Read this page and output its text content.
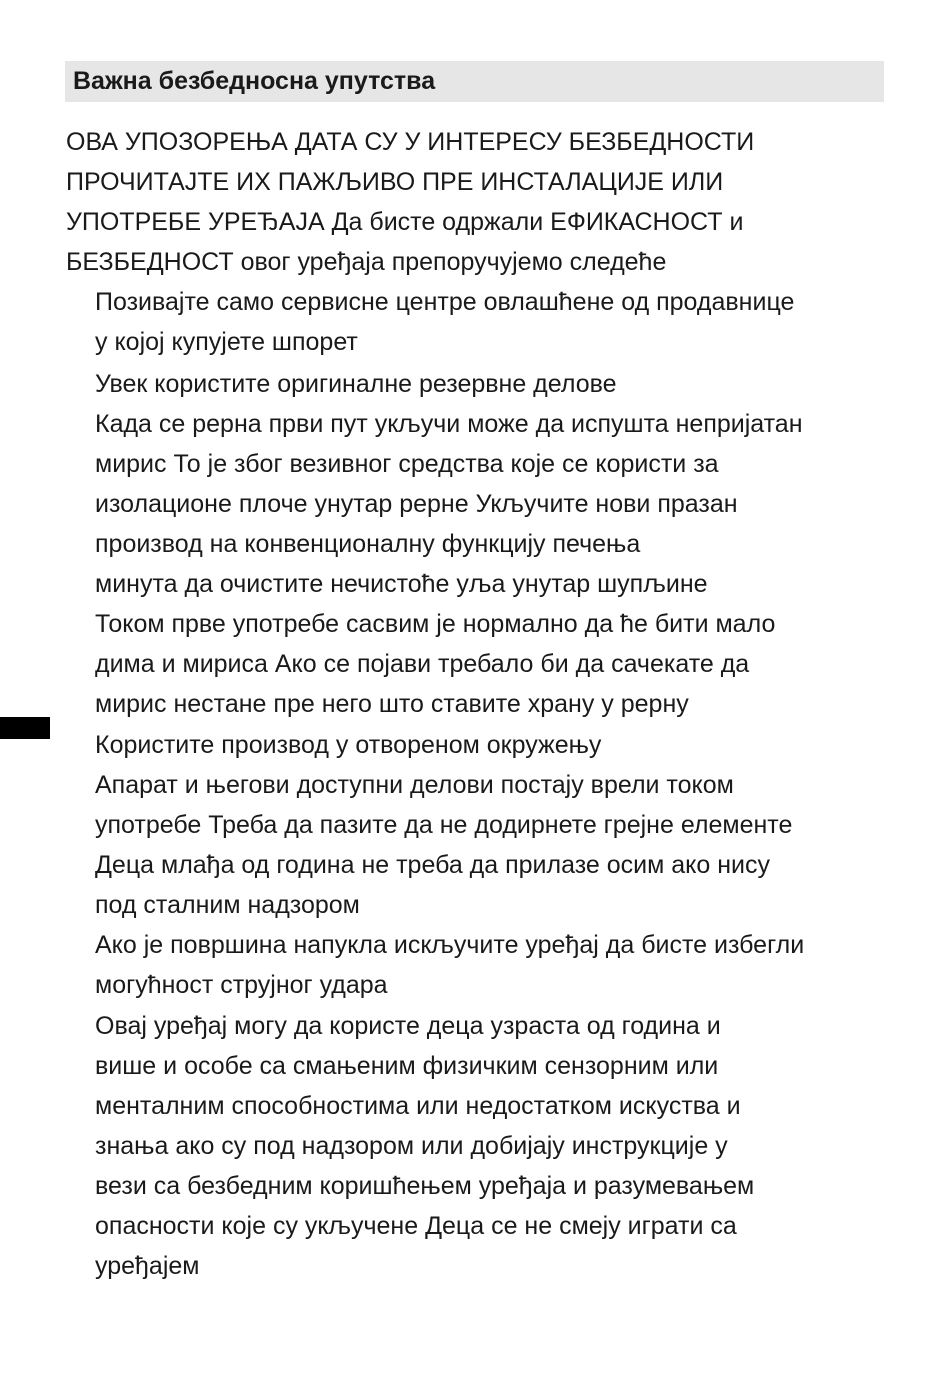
Важна безбедносна упутства
ОВА УПОЗОРЕЊА ДАТА СУ У ИНТЕРЕСУ БЕЗБЕДНОСТИ
ПРОЧИТАЈТЕ ИХ ПАЖЉИВО ПРЕ ИНСТАЛАЦИЈЕ ИЛИ
УПОТРЕБЕ УРЕЂАЈА Да бисте одржали ЕФИКАСНОСТ и
БЕЗБЕДНОСТ овог уређаја препоручујемо следеће
Позивајте само сервисне центре овлашћене од продавнице
у којој купујете шпорет
Увек користите оригиналне резервне делове
Када се рерна први пут укључи може да испушта непријатан
мирис То је због везивног средства које се користи за
изолационе плоче унутар рерне Укључите нови празан
производ на конвенционалну функцију печења
минута да очистите нечистоће уља унутар шупљине
Током прве употребе сасвим је нормално да ће бити мало
дима и мириса Ако се појави требало би да сачекате да
мирис нестане пре него што ставите храну у рерну
Користите производ у отвореном окружењу
Апарат и његови доступни делови постају врели током
употребе Треба да пазите да не додирнете грејне елементе
Деца млађа од година не треба да прилазе осим ако нису
под сталним надзором
Ако је површина напукла искључите уређај да бисте избегли
могућност струјног удара
Овај уређај могу да користе деца узраста од година и
више и особе са смањеним физичким сензорним или
менталним способностима или недостатком искуства и
знања ако су под надзором или добијају инструкције у
вези са безбедним коришћењем уређаја и разумевањем
опасности које су укључене Деца се не смеју играти са
уређајем
